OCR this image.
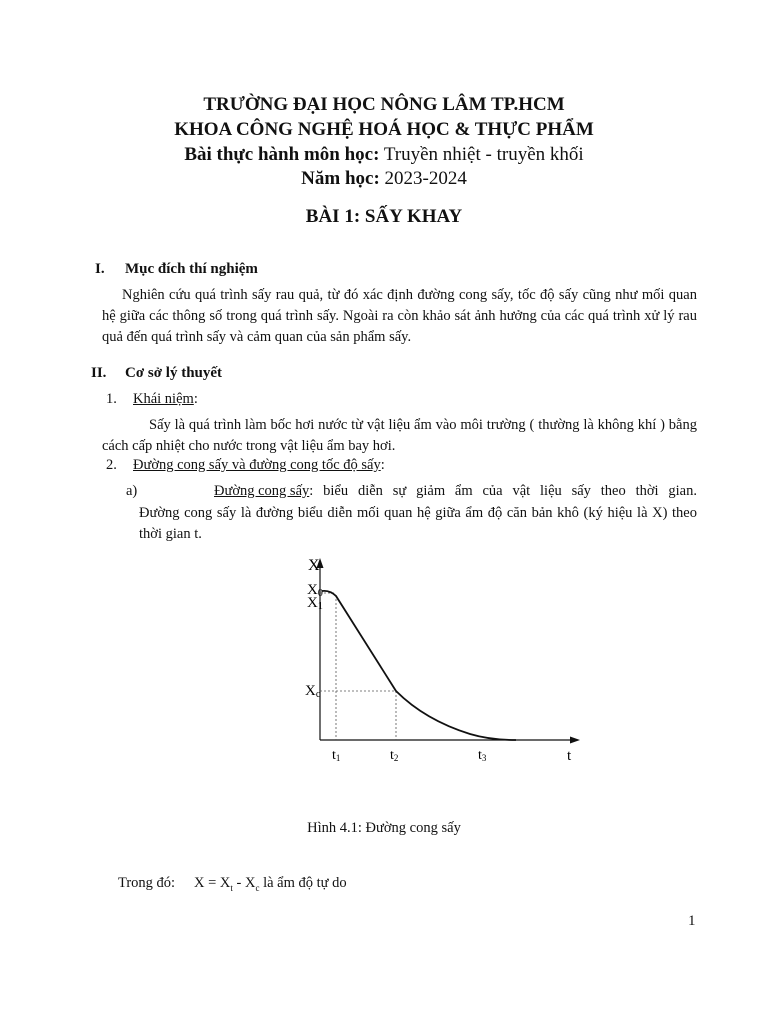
TRƯỜNG ĐẠI HỌC NÔNG LÂM TP.HCM
KHOA CÔNG NGHỆ HOÁ HỌC & THỰC PHẨM
Bài thực hành môn học: Truyền nhiệt - truyền khối
Năm học: 2023-2024
BÀI 1: SẤY KHAY
I. Mục đích thí nghiệm
Nghiên cứu quá trình sấy rau quả, từ đó xác định đường cong sấy, tốc độ sấy cũng như mối quan hệ giữa các thông số trong quá trình sấy. Ngoài ra còn khảo sát ảnh hưởng của các quá trình xử lý rau quả đến quá trình sấy và cảm quan của sản phẩm sấy.
II. Cơ sở lý thuyết
1. Khái niệm:
Sấy là quá trình làm bốc hơi nước từ vật liệu ẩm vào môi trường ( thường là không khí ) bằng cách cấp nhiệt cho nước trong vật liệu ẩm bay hơi.
2. Đường cong sấy và đường cong tốc độ sấy:
a)	Đường cong sấy : biểu diễn sự giảm ẩm của vật liệu sấy theo thời gian.
Đường cong sấy là đường biểu diễn mối quan hệ giữa ẩm độ căn bản khô (ký hiệu là X) theo thời gian t.
X
X0
X1
Xc
t1	t2	t3	t
Hình 4.1: Đường cong sấy
Trong đó: $X = X_t - X_c$ là ẩm độ tự do
1
